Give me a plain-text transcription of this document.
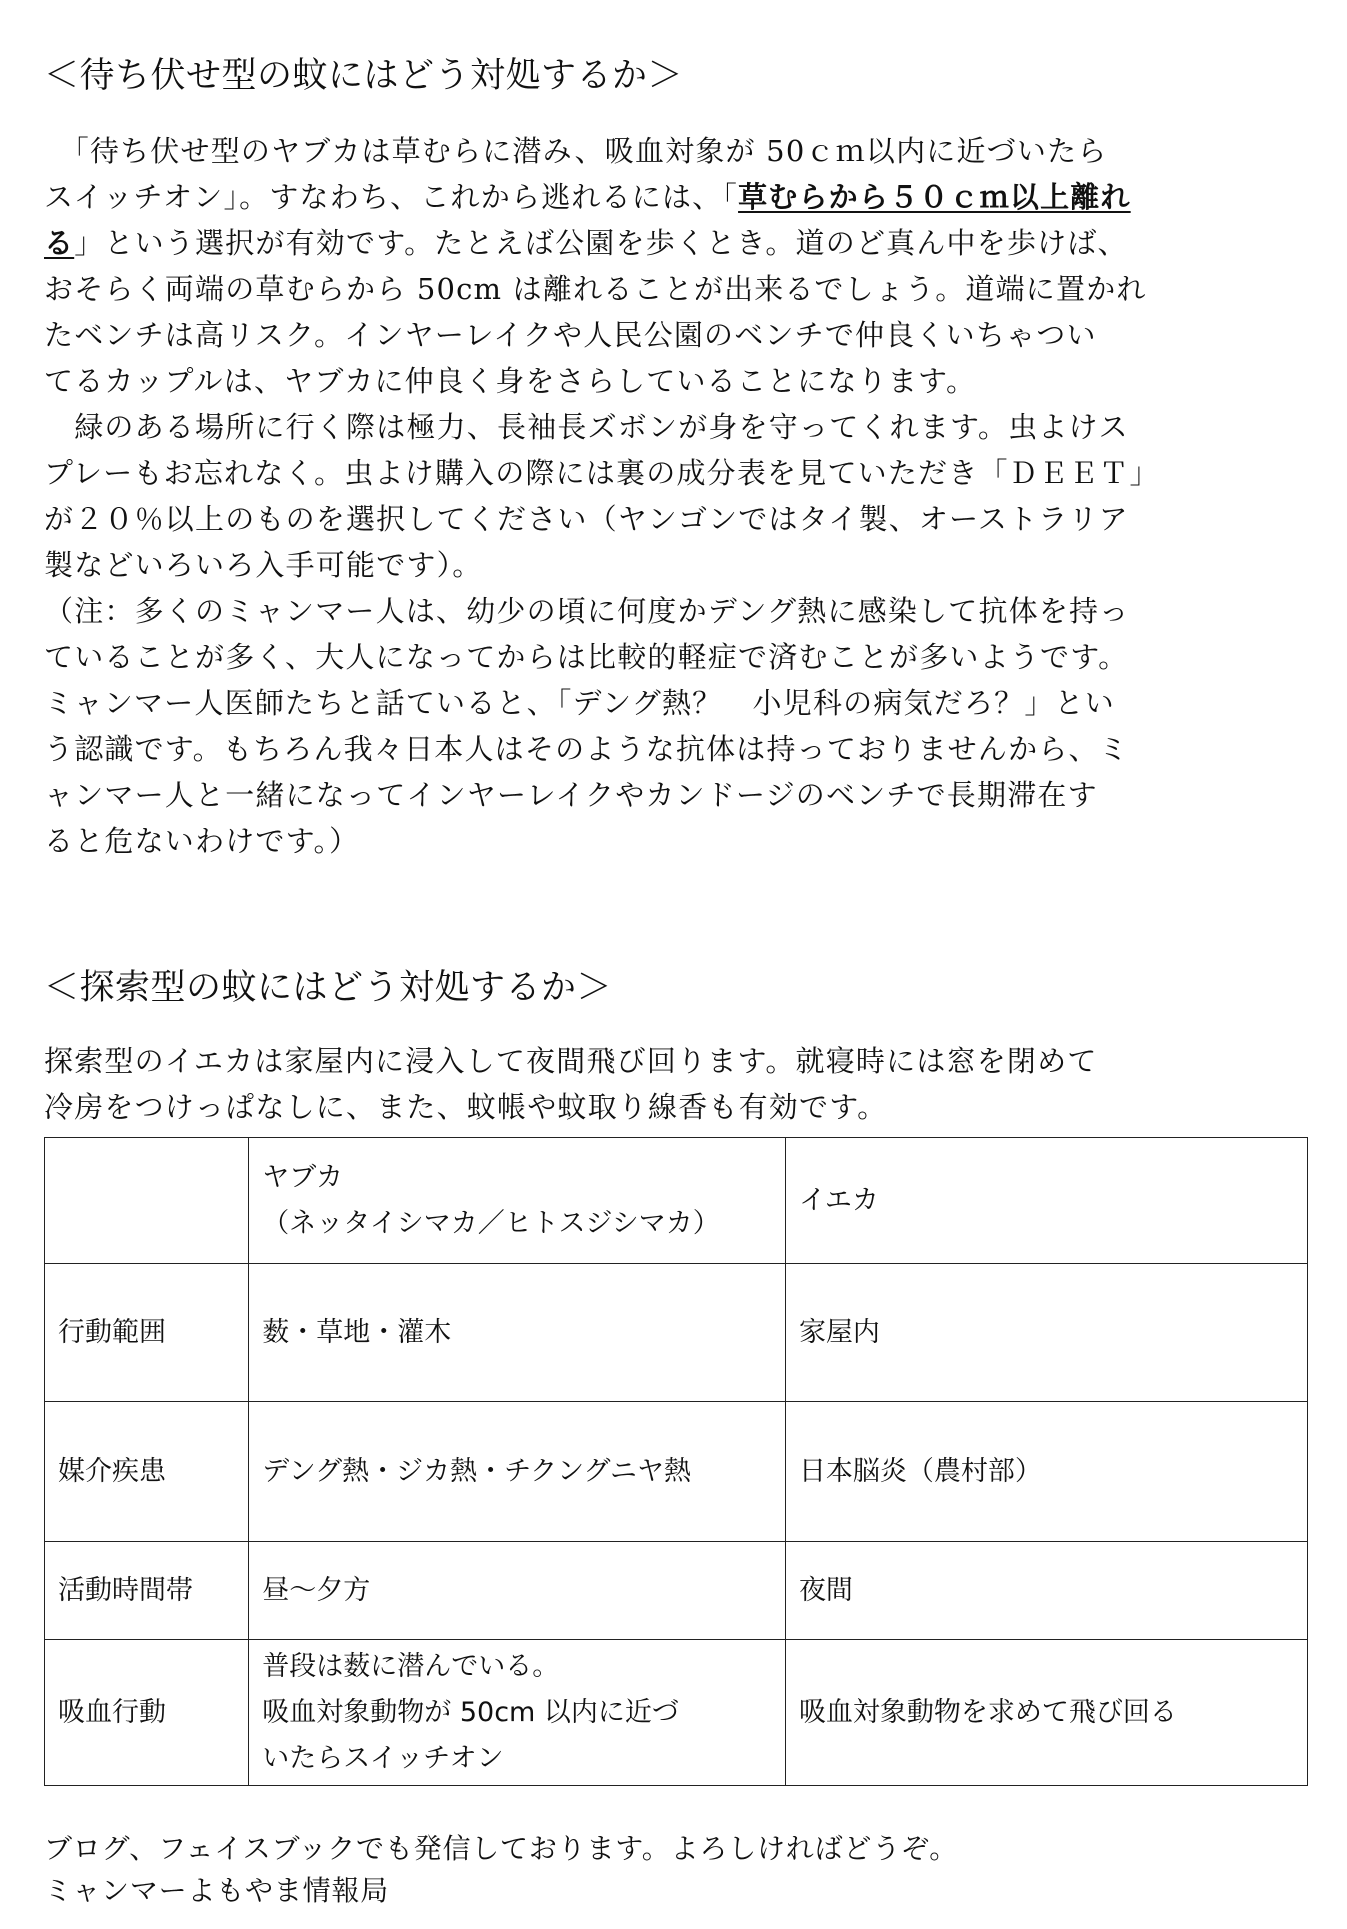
＜待ち伏せ型の蚊にはどう対処するか＞
　「待ち伏せ型のヤブカは草むらに潜み、吸血対象が 50ｃｍ以内に近づいたら
スイッチオン」。すなわち、これから逃れるには、「草むらから５０ｃｍ以上離れ
る」という選択が有効です。たとえば公園を歩くとき。道のど真ん中を歩けば、
おそらく両端の草むらから 50cm は離れることが出来るでしょう。道端に置かれ
たベンチは高リスク。インヤーレイクや人民公園のベンチで仲良くいちゃつい
てるカップルは、ヤブカに仲良く身をさらしていることになります。
　緑のある場所に行く際は極力、長袖長ズボンが身を守ってくれます。虫よけス
プレーもお忘れなく。虫よけ購入の際には裏の成分表を見ていただき「ＤＥＥＴ」
が２０％以上のものを選択してください（ヤンゴンではタイ製、オーストラリア
製などいろいろ入手可能です）。
（注：多くのミャンマー人は、幼少の頃に何度かデング熱に感染して抗体を持っ
ていることが多く、大人になってからは比較的軽症で済むことが多いようです。
ミャンマー人医師たちと話ていると、「デング熱？　小児科の病気だろ？」とい
う認識です。もちろん我々日本人はそのような抗体は持っておりませんから、ミ
ャンマー人と一緒になってインヤーレイクやカンドージのベンチで長期滞在す
ると危ないわけです。）
＜探索型の蚊にはどう対処するか＞
探索型のイエカは家屋内に浸入して夜間飛び回ります。就寝時には窓を閉めて
冷房をつけっぱなしに、また、蚊帳や蚊取り線香も有効です。

	ヤブカ
（ネッタイシマカ／ヒトスジシマカ）	イエカ
行動範囲	薮・草地・灌木	家屋内
媒介疾患	デング熱・ジカ熱・チクングニヤ熱	日本脳炎（農村部）
活動時間帯	昼～夕方	夜間
吸血行動	普段は薮に潜んでいる。
吸血対象動物が 50cm 以内に近づ
いたらスイッチオン	吸血対象動物を求めて飛び回る
ブログ、フェイスブックでも発信しております。よろしければどうぞ。
ミャンマーよもやま情報局
